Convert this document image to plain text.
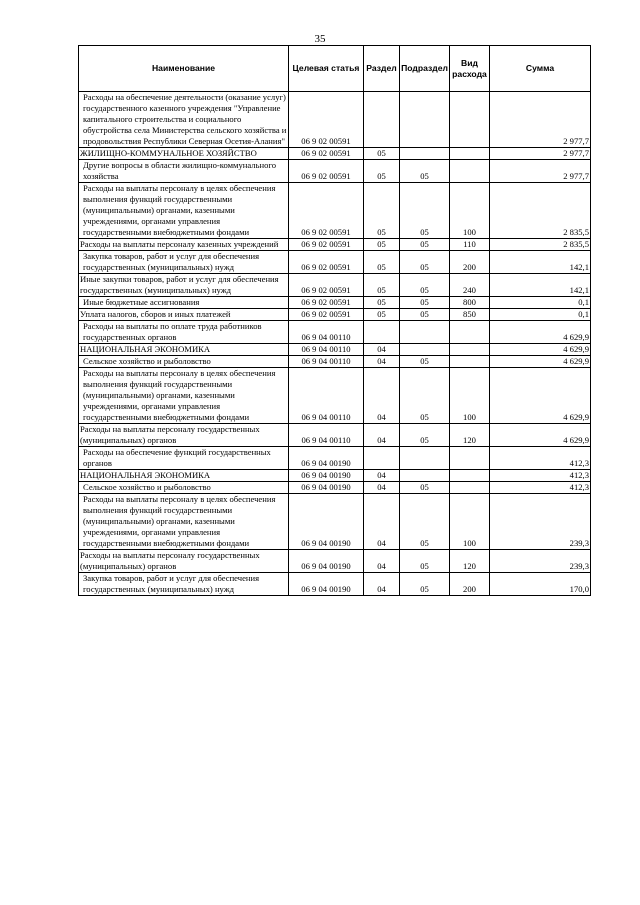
35
Наименование	Целевая статья	Раздел	Подраздел	Вид расхода	Сумма
Расходы на обеспечение деятельности (оказание услуг) государственного казенного учреждения "Управление капитального строительства и социального обустройства села Министерства сельского хозяйства и продовольствия Республики Северная Осетия-Алания"	06 9 02 00591				2 977,7
ЖИЛИЩНО-КОММУНАЛЬНОЕ ХОЗЯЙСТВО	06 9 02 00591	05			2 977,7
Другие вопросы в области жилищно-коммунального хозяйства	06 9 02 00591	05	05		2 977,7
Расходы на выплаты персоналу в целях обеспечения выполнения функций государственными (муниципальными) органами, казенными учреждениями, органами управления государственными внебюджетными фондами	06 9 02 00591	05	05	100	2 835,5
Расходы на выплаты персоналу казенных учреждений	06 9 02 00591	05	05	110	2 835,5
Закупка товаров, работ и услуг для обеспечения государственных (муниципальных) нужд	06 9 02 00591	05	05	200	142,1
Иные закупки товаров, работ и услуг для обеспечения государственных (муниципальных) нужд	06 9 02 00591	05	05	240	142,1
Иные бюджетные ассигнования	06 9 02 00591	05	05	800	0,1
Уплата налогов, сборов и иных платежей	06 9 02 00591	05	05	850	0,1
Расходы на выплаты по оплате труда работников государственных органов	06 9 04 00110				4 629,9
НАЦИОНАЛЬНАЯ ЭКОНОМИКА	06 9 04 00110	04			4 629,9
Сельское хозяйство и рыболовство	06 9 04 00110	04	05		4 629,9
Расходы на выплаты персоналу в целях обеспечения выполнения функций государственными (муниципальными) органами, казенными учреждениями, органами управления государственными внебюджетными фондами	06 9 04 00110	04	05	100	4 629,9
Расходы на выплаты персоналу государственных (муниципальных) органов	06 9 04 00110	04	05	120	4 629,9
Расходы на обеспечение функций государственных органов	06 9 04 00190				412,3
НАЦИОНАЛЬНАЯ ЭКОНОМИКА	06 9 04 00190	04			412,3
Сельское хозяйство и рыболовство	06 9 04 00190	04	05		412,3
Расходы на выплаты персоналу в целях обеспечения выполнения функций государственными (муниципальными) органами, казенными учреждениями, органами управления государственными внебюджетными фондами	06 9 04 00190	04	05	100	239,3
Расходы на выплаты персоналу государственных (муниципальных) органов	06 9 04 00190	04	05	120	239,3
Закупка товаров, работ и услуг для обеспечения государственных (муниципальных) нужд	06 9 04 00190	04	05	200	170,0
